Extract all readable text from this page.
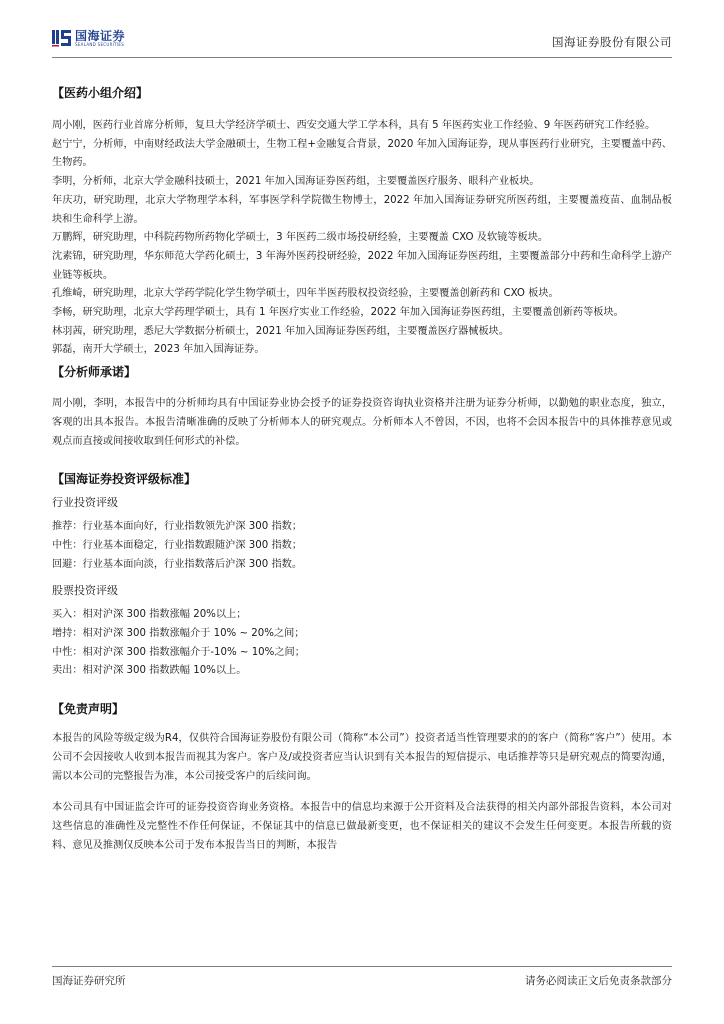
国海证券
SEALAND SECURITIES	国海证券股份有限公司

【医药小组介绍】

周小刚，医药行业首席分析师，复旦大学经济学硕士、西安交通大学工学本科，具有 5 年医药实业工作经验、9 年医药研究工作经验。

赵宁宁，分析师，中南财经政法大学金融硕士，生物工程+金融复合背景，2020 年加入国海证券，现从事医药行业研究，主要覆盖中药、生物药。

李明，分析师，北京大学金融科技硕士，2021 年加入国海证券医药组，主要覆盖医疗服务、眼科产业板块。

年庆功，研究助理，北京大学物理学本科，军事医学科学院微生物博士，2022 年加入国海证券研究所医药组，主要覆盖疫苗、血制品板块和生命科学上游。

万鹏辉，研究助理，中科院药物所药物化学硕士，3 年医药二级市场投研经验，主要覆盖 CXO 及软镜等板块。

沈素锦，研究助理，华东师范大学药化硕士，3 年海外医药投研经验，2022 年加入国海证券医药组，主要覆盖部分中药和生命科学上游产业链等板块。

孔维崎，研究助理，北京大学药学院化学生物学硕士，四年半医药股权投资经验，主要覆盖创新药和 CXO 板块。

李畅，研究助理，北京大学药理学硕士，具有 1 年医疗实业工作经验，2022 年加入国海证券医药组，主要覆盖创新药等板块。

林羽茜，研究助理，悉尼大学数据分析硕士，2021 年加入国海证券医药组，主要覆盖医疗器械板块。

郭磊，南开大学硕士，2023 年加入国海证券。

【分析师承诺】

周小刚，李明，本报告中的分析师均具有中国证券业协会授予的证券投资咨询执业资格并注册为证券分析师，以勤勉的职业态度，独立，客观的出具本报告。本报告清晰准确的反映了分析师本人的研究观点。分析师本人不曾因，不因，也将不会因本报告中的具体推荐意见或观点而直接或间接收取到任何形式的补偿。

【国海证券投资评级标准】

行业投资评级

推荐：行业基本面向好，行业指数领先沪深 300 指数；

中性：行业基本面稳定，行业指数跟随沪深 300 指数；

回避：行业基本面向淡，行业指数落后沪深 300 指数。

股票投资评级

买入：相对沪深 300 指数涨幅 20%以上；

增持：相对沪深 300 指数涨幅介于 10% ~ 20%之间；

中性：相对沪深 300 指数涨幅介于-10% ~ 10%之间；

卖出：相对沪深 300 指数跌幅 10%以上。

【免责声明】

本报告的风险等级定级为R4，仅供符合国海证券股份有限公司（简称“本公司”）投资者适当性管理要求的的客户（简称“客户”）使用。本公司不会因接收人收到本报告而视其为客户。客户及/或投资者应当认识到有关本报告的短信提示、电话推荐等只是研究观点的简要沟通，需以本公司的完整报告为准，本公司接受客户的后续问询。

本公司具有中国证监会许可的证券投资咨询业务资格。本报告中的信息均来源于公开资料及合法获得的相关内部外部报告资料，本公司对这些信息的准确性及完整性不作任何保证，不保证其中的信息已做最新变更，也不保证相关的建议不会发生任何变更。本报告所载的资料、意见及推测仅反映本公司于发布本报告当日的判断，本报告

国海证券研究所	请务必阅读正文后免责条款部分
